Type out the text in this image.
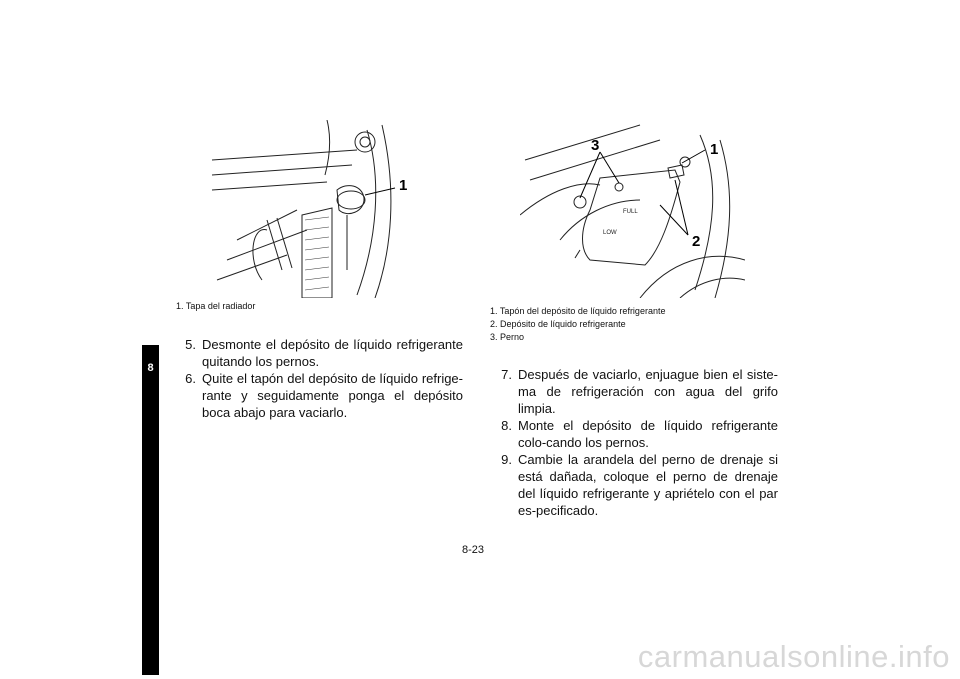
8
1
1. Tapa del radiador
FULL
LOW
3	1
2
1. Tapón del depósito de líquido refrigerante
2. Depósito de líquido refrigerante
3. Perno
5. Desmonte el depósito de líquido refrigerante quitando los pernos.
6. Quite el tapón del depósito de líquido refrige-rante y seguidamente ponga el depósito boca abajo para vaciarlo.
7. Después de vaciarlo, enjuague bien el siste-ma de refrigeración con agua del grifo limpia.
8. Monte el depósito de líquido refrigerante colo-cando los pernos.
9. Cambie la arandela del perno de drenaje si está dañada, coloque el perno de drenaje del líquido refrigerante y apriételo con el par es-pecificado.
8-23
carmanualsonline.info
